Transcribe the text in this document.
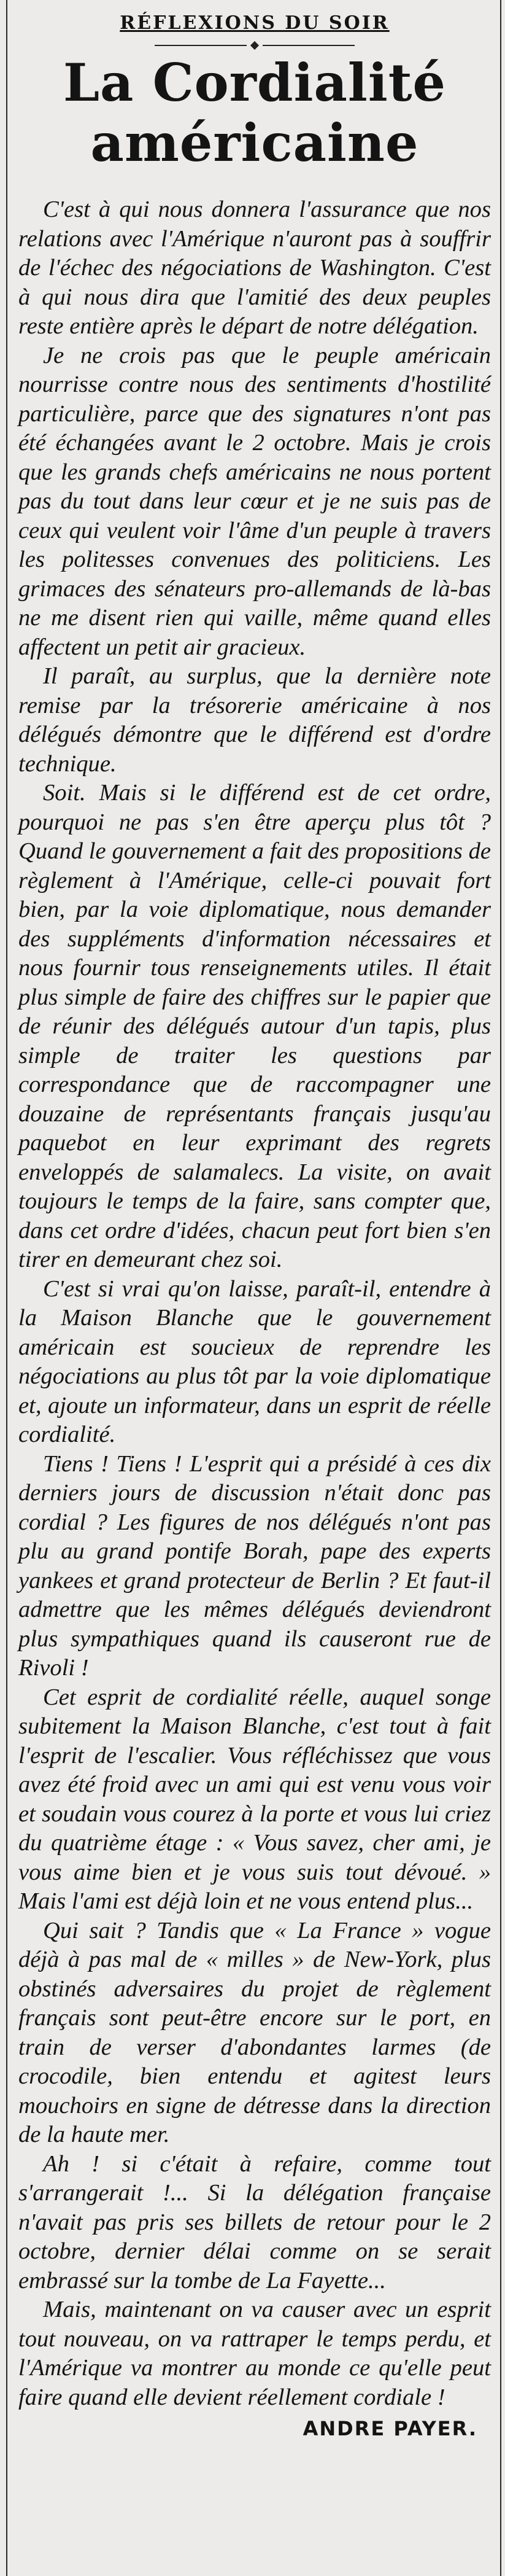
RÉFLEXIONS DU SOIR
La Cordialité
américaine

C'est à qui nous donnera l'assurance que nos relations avec l'Amérique n'auront pas à souffrir de l'échec des négociations de Washington. C'est à qui nous dira que l'amitié des deux peuples reste entière après le départ de notre délégation.

Je ne crois pas que le peuple américain nourrisse contre nous des sentiments d'hostilité particulière, parce que des signatures n'ont pas été échangées avant le 2 octobre. Mais je crois que les grands chefs américains ne nous portent pas du tout dans leur cœur et je ne suis pas de ceux qui veulent voir l'âme d'un peuple à travers les politesses convenues des politiciens. Les grimaces des sénateurs pro-allemands de là-bas ne me disent rien qui vaille, même quand elles affectent un petit air gracieux.

Il paraît, au surplus, que la dernière note remise par la trésorerie américaine à nos délégués démontre que le différend est d'ordre technique.

Soit. Mais si le différend est de cet ordre, pourquoi ne pas s'en être aperçu plus tôt ? Quand le gouvernement a fait des propositions de règlement à l'Amérique, celle-ci pouvait fort bien, par la voie diplomatique, nous demander des suppléments d'information nécessaires et nous fournir tous renseignements utiles. Il était plus simple de faire des chiffres sur le papier que de réunir des délégués autour d'un tapis, plus simple de traiter les questions par correspondance que de raccompagner une douzaine de représentants français jusqu'au paquebot en leur exprimant des regrets enveloppés de salamalecs. La visite, on avait toujours le temps de la faire, sans compter que, dans cet ordre d'idées, chacun peut fort bien s'en tirer en demeurant chez soi.

C'est si vrai qu'on laisse, paraît-il, entendre à la Maison Blanche que le gouvernement américain est soucieux de reprendre les négociations au plus tôt par la voie diplomatique et, ajoute un informateur, dans un esprit de réelle cordialité.

Tiens ! Tiens ! L'esprit qui a présidé à ces dix derniers jours de discussion n'était donc pas cordial ? Les figures de nos délégués n'ont pas plu au grand pontife Borah, pape des experts yankees et grand protecteur de Berlin ? Et faut-il admettre que les mêmes délégués deviendront plus sympathiques quand ils causeront rue de Rivoli !

Cet esprit de cordialité réelle, auquel songe subitement la Maison Blanche, c'est tout à fait l'esprit de l'escalier. Vous réfléchissez que vous avez été froid avec un ami qui est venu vous voir et soudain vous courez à la porte et vous lui criez du quatrième étage : « Vous savez, cher ami, je vous aime bien et je vous suis tout dévoué. » Mais l'ami est déjà loin et ne vous entend plus...

Qui sait ? Tandis que « La France » vogue déjà à pas mal de « milles » de New-York, plus obstinés adversaires du projet de règlement français sont peut-être encore sur le port, en train de verser d'abondantes larmes (de crocodile, bien entendu et agitest leurs mouchoirs en signe de détresse dans la direction de la haute mer.

Ah ! si c'était à refaire, comme tout s'arrangerait !... Si la délégation française n'avait pas pris ses billets de retour pour le 2 octobre, dernier délai comme on se serait embrassé sur la tombe de La Fayette...

Mais, maintenant on va causer avec un esprit tout nouveau, on va rattraper le temps perdu, et l'Amérique va montrer au monde ce qu'elle peut faire quand elle devient réellement cordiale !

ANDRE PAYER.
